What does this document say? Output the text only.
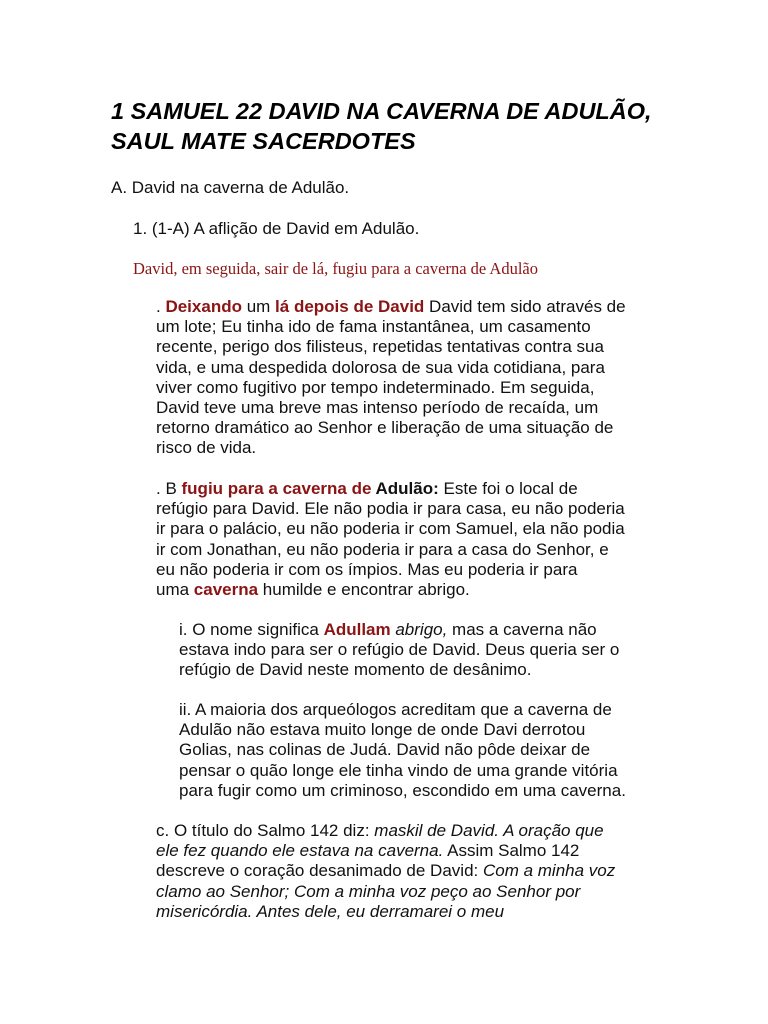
1 SAMUEL 22 DAVID NA CAVERNA DE ADULÃO,
SAUL MATE SACERDOTES
A. David na caverna de Adulão.
1. (1-A) A aflição de David em Adulão.
David, em seguida, sair de lá, fugiu para a caverna de Adulão
. Deixando um lá depois de David David tem sido através de
um lote; Eu tinha ido de fama instantânea, um casamento
recente, perigo dos filisteus, repetidas tentativas contra sua
vida, e uma despedida dolorosa de sua vida cotidiana, para
viver como fugitivo por tempo indeterminado. Em seguida,
David teve uma breve mas intenso período de recaída, um
retorno dramático ao Senhor e liberação de uma situação de
risco de vida.
. B fugiu para a caverna de Adulão: Este foi o local de
refúgio para David. Ele não podia ir para casa, eu não poderia
ir para o palácio, eu não poderia ir com Samuel, ela não podia
ir com Jonathan, eu não poderia ir para a casa do Senhor, e
eu não poderia ir com os ímpios. Mas eu poderia ir para
uma caverna humilde e encontrar abrigo.
i. O nome significa Adullam abrigo, mas a caverna não
estava indo para ser o refúgio de David. Deus queria ser o
refúgio de David neste momento de desânimo.
ii. A maioria dos arqueólogos acreditam que a caverna de
Adulão não estava muito longe de onde Davi derrotou
Golias, nas colinas de Judá. David não pôde deixar de
pensar o quão longe ele tinha vindo de uma grande vitória
para fugir como um criminoso, escondido em uma caverna.
c. O título do Salmo 142 diz: maskil de David. A oração que
ele fez quando ele estava na caverna. Assim Salmo 142
descreve o coração desanimado de David: Com a minha voz
clamo ao Senhor; Com a minha voz peço ao Senhor por
misericórdia. Antes dele, eu derramarei o meu
